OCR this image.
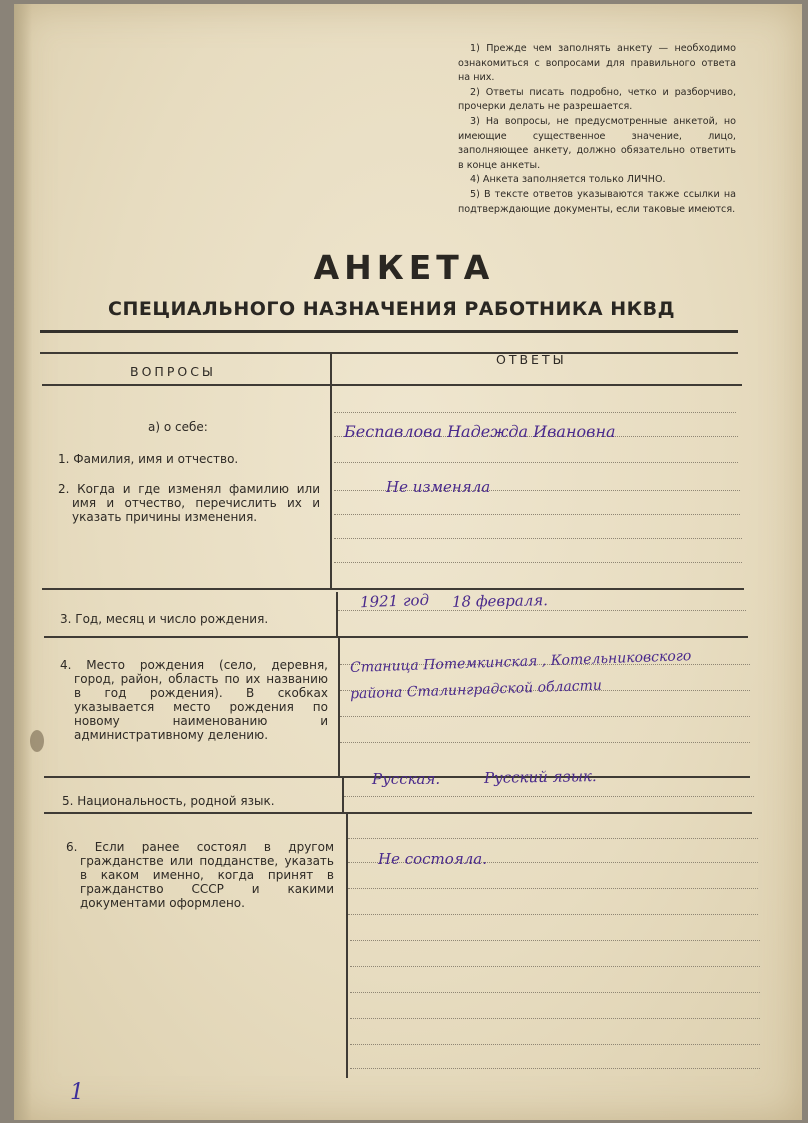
1) Прежде чем заполнять анкету — необходимо ознакомиться с вопросами для правильного ответа на них.

2) Ответы писать подробно, четко и разборчиво, прочерки делать не разрешается.

3) На вопросы, не предусмотренные анкетой, но имеющие существенное значение, лицо, заполняющее анкету, должно обязательно ответить в конце анкеты.

4) Анкета заполняется только ЛИЧНО.

5) В тексте ответов указываются также ссылки на подтверждающие документы, если таковые имеются.

АНКЕТА
СПЕЦИАЛЬНОГО НАЗНАЧЕНИЯ РАБОТНИКА НКВД
ВОПРОСЫ
ОТВЕТЫ
а) о себе:
1. Фамилия, имя и отчество.
2. Когда и где изменял фамилию или имя и отчество, перечислить их и указать причины изменения.
3. Год, месяц и число рождения.
4. Место рождения (село, деревня, город, район, область по их названию в год рождения). В скобках указывается место рождения по новому наименованию и административному делению.
5. Национальность, родной язык.
6. Если ранее состоял в другом гражданстве или подданстве, указать в каком именно, когда принят в гражданство СССР и какими документами оформлено.
Беспавлова Надежда Ивановна
Не изменяла
1921 год 18 февраля.
Станица Потемкинская , Котельниковского
района Сталинградской области
Русская.	Русский язык.
Не состояла.
1
